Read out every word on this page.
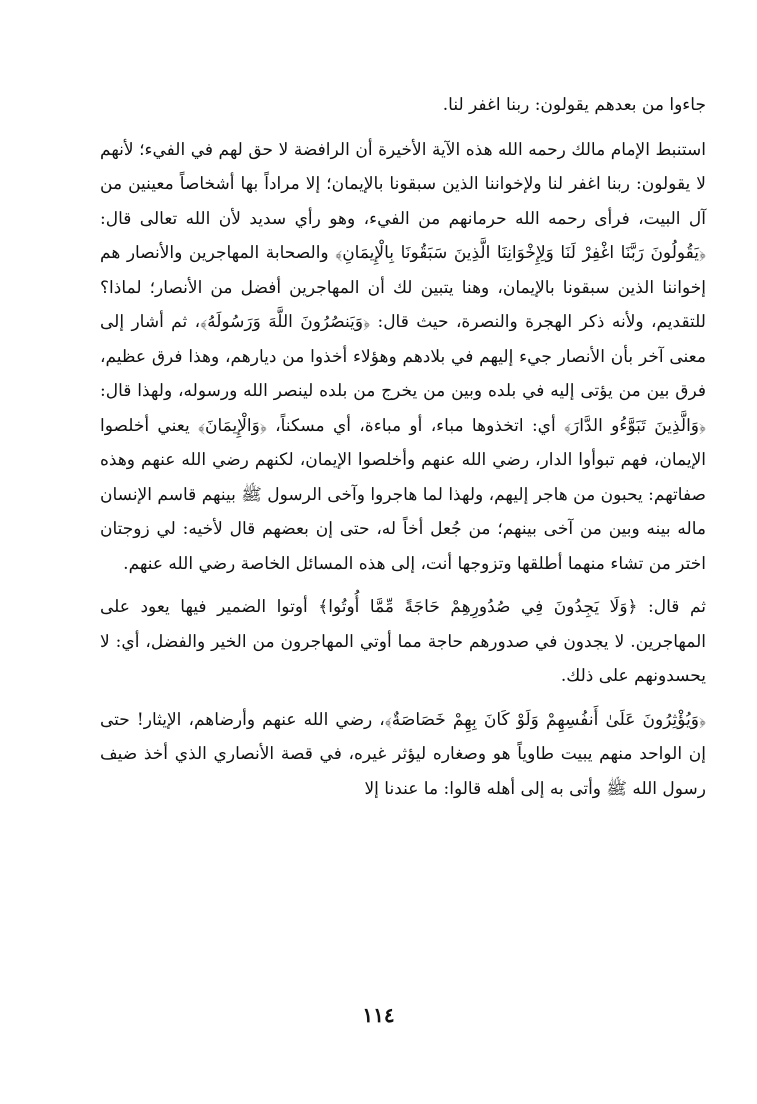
جاءوا من بعدهم يقولون: ربنا اغفر لنا.

استنبط الإمام مالك رحمه الله هذه الآية الأخيرة أن الرافضة لا حق لهم في الفيء؛ لأنهم لا يقولون: ربنا اغفر لنا ولإخواننا الذين سبقونا بالإيمان؛ إلا مراداً بها أشخاصاً معينين من آل البيت، فرأى رحمه الله حرمانهم من الفيء، وهو رأي سديد لأن الله تعالى قال: ﴿يَقُولُونَ رَبَّنَا اغْفِرْ لَنَا وَلِإِخْوَانِنَا الَّذِينَ سَبَقُونَا بِالْإِيمَانِ﴾ والصحابة المهاجرين والأنصار هم إخواننا الذين سبقونا بالإيمان، وهنا يتبين لك أن المهاجرين أفضل من الأنصار؛ لماذا؟ للتقديم، ولأنه ذكر الهجرة والنصرة، حيث قال: ﴿وَيَنصُرُونَ اللَّهَ وَرَسُولَهُ﴾، ثم أشار إلى معنى آخر بأن الأنصار جيء إليهم في بلادهم وهؤلاء أخذوا من ديارهم، وهذا فرق عظيم، فرق بين من يؤتى إليه في بلده وبين من يخرج من بلده لينصر الله ورسوله، ولهذا قال: ﴿وَالَّذِينَ تَبَوَّءُو الدَّارَ﴾ أي: اتخذوها مباء، أو مباءة، أي مسكناً، ﴿وَالْإِيمَانَ﴾ يعني أخلصوا الإيمان، فهم تبوأوا الدار، رضي الله عنهم وأخلصوا الإيمان، لكنهم رضي الله عنهم وهذه صفاتهم: يحبون من هاجر إليهم، ولهذا لما هاجروا وآخى الرسول ﷺ بينهم قاسم الإنسان ماله بينه وبين من آخى بينهم؛ من جُعل أخاً له، حتى إن بعضهم قال لأخيه: لي زوجتان اختر من تشاء منهما أطلقها وتزوجها أنت، إلى هذه المسائل الخاصة رضي الله عنهم.

ثم قال: ﴿وَلَا يَجِدُونَ فِي صُدُورِهِمْ حَاجَةً مِّمَّا أُوتُوا﴾ أوتوا الضمير فيها يعود على المهاجرين. لا يجدون في صدورهم حاجة مما أوتي المهاجرون من الخير والفضل، أي: لا يحسدونهم على ذلك.

﴿وَيُؤْثِرُونَ عَلَىٰ أَنفُسِهِمْ وَلَوْ كَانَ بِهِمْ خَصَاصَةٌ﴾، رضي الله عنهم وأرضاهم، الإيثار! حتى إن الواحد منهم يبيت طاوياً هو وصغاره ليؤثر غيره، في قصة الأنصاري الذي أخذ ضيف رسول الله ﷺ وأتى به إلى أهله قالوا: ما عندنا إلا

١١٤
